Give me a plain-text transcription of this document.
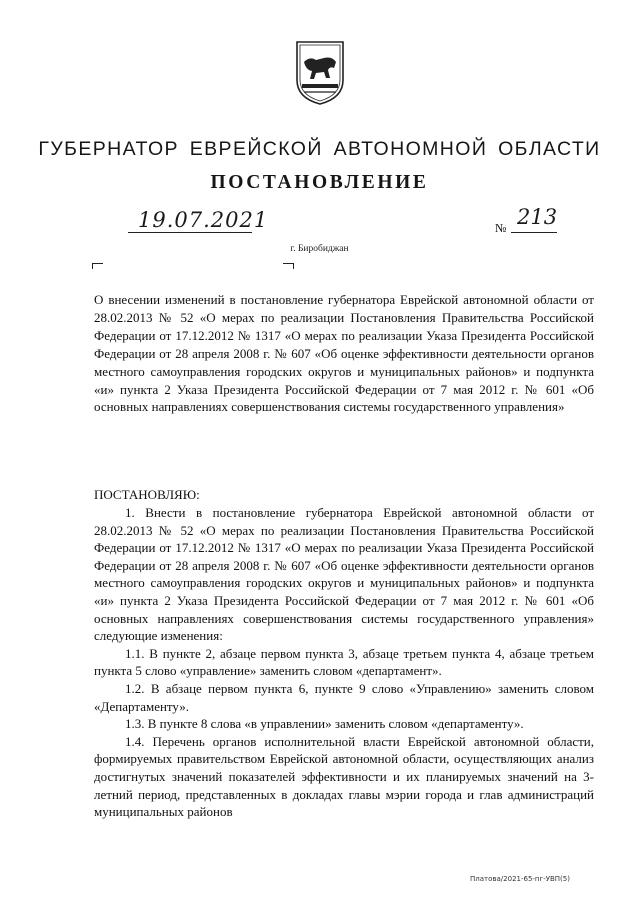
ГУБЕРНАТОР ЕВРЕЙСКОЙ АВТОНОМНОЙ ОБЛАСТИ
ПОСТАНОВЛЕНИЕ
19.07.2021	№ 213
г. Биробиджан
О внесении изменений в постановление губернатора Еврейской автономной области от 28.02.2013 № 52 «О мерах по реализации Постановления Правительства Российской Федерации от 17.12.2012 № 1317 «О мерах по реализации Указа Президента Российской Федерации от 28 апреля 2008 г. № 607 «Об оценке эффективности деятельности органов местного самоуправления городских округов и муниципальных районов» и подпункта «и» пункта 2 Указа Президента Российской Федерации от 7 мая 2012 г. № 601 «Об основных направлениях совершенствования системы государственного управления»
ПОСТАНОВЛЯЮ:

1. Внести в постановление губернатора Еврейской автономной области от 28.02.2013 № 52 «О мерах по реализации Постановления Правительства Российской Федерации от 17.12.2012 № 1317 «О мерах по реализации Указа Президента Российской Федерации от 28 апреля 2008 г. № 607 «Об оценке эффективности деятельности органов местного самоуправления городских округов и муниципальных районов» и подпункта «и» пункта 2 Указа Президента Российской Федерации от 7 мая 2012 г. № 601 «Об основных направлениях совершенствования системы государственного управления» следующие изменения:

1.1. В пункте 2, абзаце первом пункта 3, абзаце третьем пункта 4, абзаце третьем пункта 5 слово «управление» заменить словом «департамент».

1.2. В абзаце первом пункта 6, пункте 9 слово «Управлению» заменить словом «Департаменту».

1.3. В пункте 8 слова «в управлении» заменить словом «департаменту».

1.4. Перечень органов исполнительной власти Еврейской автономной области, формируемых правительством Еврейской автономной области, осуществляющих анализ достигнутых значений показателей эффективности и их планируемых значений на 3-летний период, представленных в докладах главы мэрии города и глав администраций муниципальных районов

Платова/2021-65-пг-УВП(5)
